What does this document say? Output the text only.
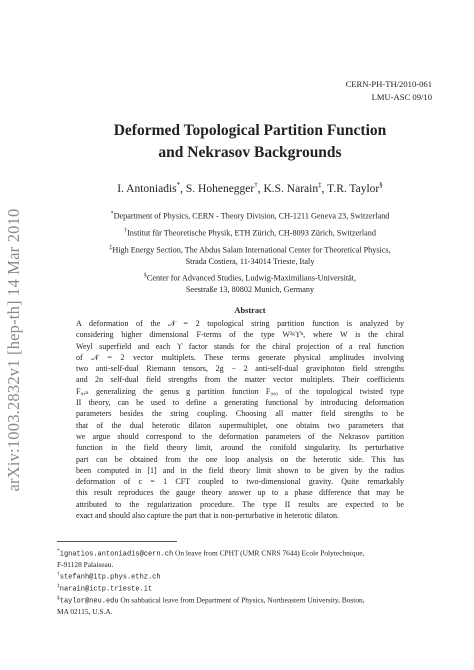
arXiv:1003.2832v1 [hep-th] 14 Mar 2010
CERN-PH-TH/2010-061
LMU-ASC 09/10
Deformed Topological Partition Function
and Nekrasov Backgrounds
I. Antoniadis*, S. Hohenegger†, K.S. Narain‡, T.R. Taylor§
*Department of Physics, CERN - Theory Division, CH-1211 Geneva 23, Switzerland
†Institut für Theoretische Physik, ETH Zürich, CH-8093 Zürich, Switzerland
‡High Energy Section, The Abdus Salam International Center for Theoretical Physics,
Strada Costiera, 11-34014 Trieste, Italy
§Center for Advanced Studies, Ludwig-Maximilians-Universität,
Seestraße 13, 80802 Munich, Germany
Abstract
A deformation of the 𝒩 = 2 topological string partition function is analyzed by
considering higher dimensional F-terms of the type W²ᵍϒⁿ, where W is the chiral
Weyl superfield and each ϒ factor stands for the chiral projection of a real function
of 𝒩 = 2 vector multiplets. These terms generate physical amplitudes involving
two anti-self-dual Riemann tensors, 2g − 2 anti-self-dual graviphoton field strengths
and 2n self-dual field strengths from the matter vector multiplets. Their coefficients
F₉,ₙ generalizing the genus g partition function F₉,₀ of the topological twisted type
II theory, can be used to define a generating functional by introducing deformation
parameters besides the string coupling. Choosing all matter field strengths to be
that of the dual heterotic dilaton supermultiplet, one obtains two parameters that
we argue should correspond to the deformation parameters of the Nekrasov partition
function in the field theory limit, around the conifold singularity. Its perturbative
part can be obtained from the one loop analysis on the heterotic side. This has
been computed in [1] and in the field theory limit shown to be given by the radius
deformation of c = 1 CFT coupled to two-dimensional gravity. Quite remarkably
this result reproduces the gauge theory answer up to a phase difference that may be
attributed to the regularization procedure. The type II results are expected to be
exact and should also capture the part that is non-perturbative in heterotic dilaton.
*ignatios.antoniadis@cern.ch On leave from CPHT (UMR CNRS 7644) Ecole Polytechnique,
F-91128 Palaiseau.
†stefanh@itp.phys.ethz.ch
‡narain@ictp.trieste.it
§taylor@neu.edu On sabbatical leave from Department of Physics, Northeastern University, Boston,
MA 02115, U.S.A.
